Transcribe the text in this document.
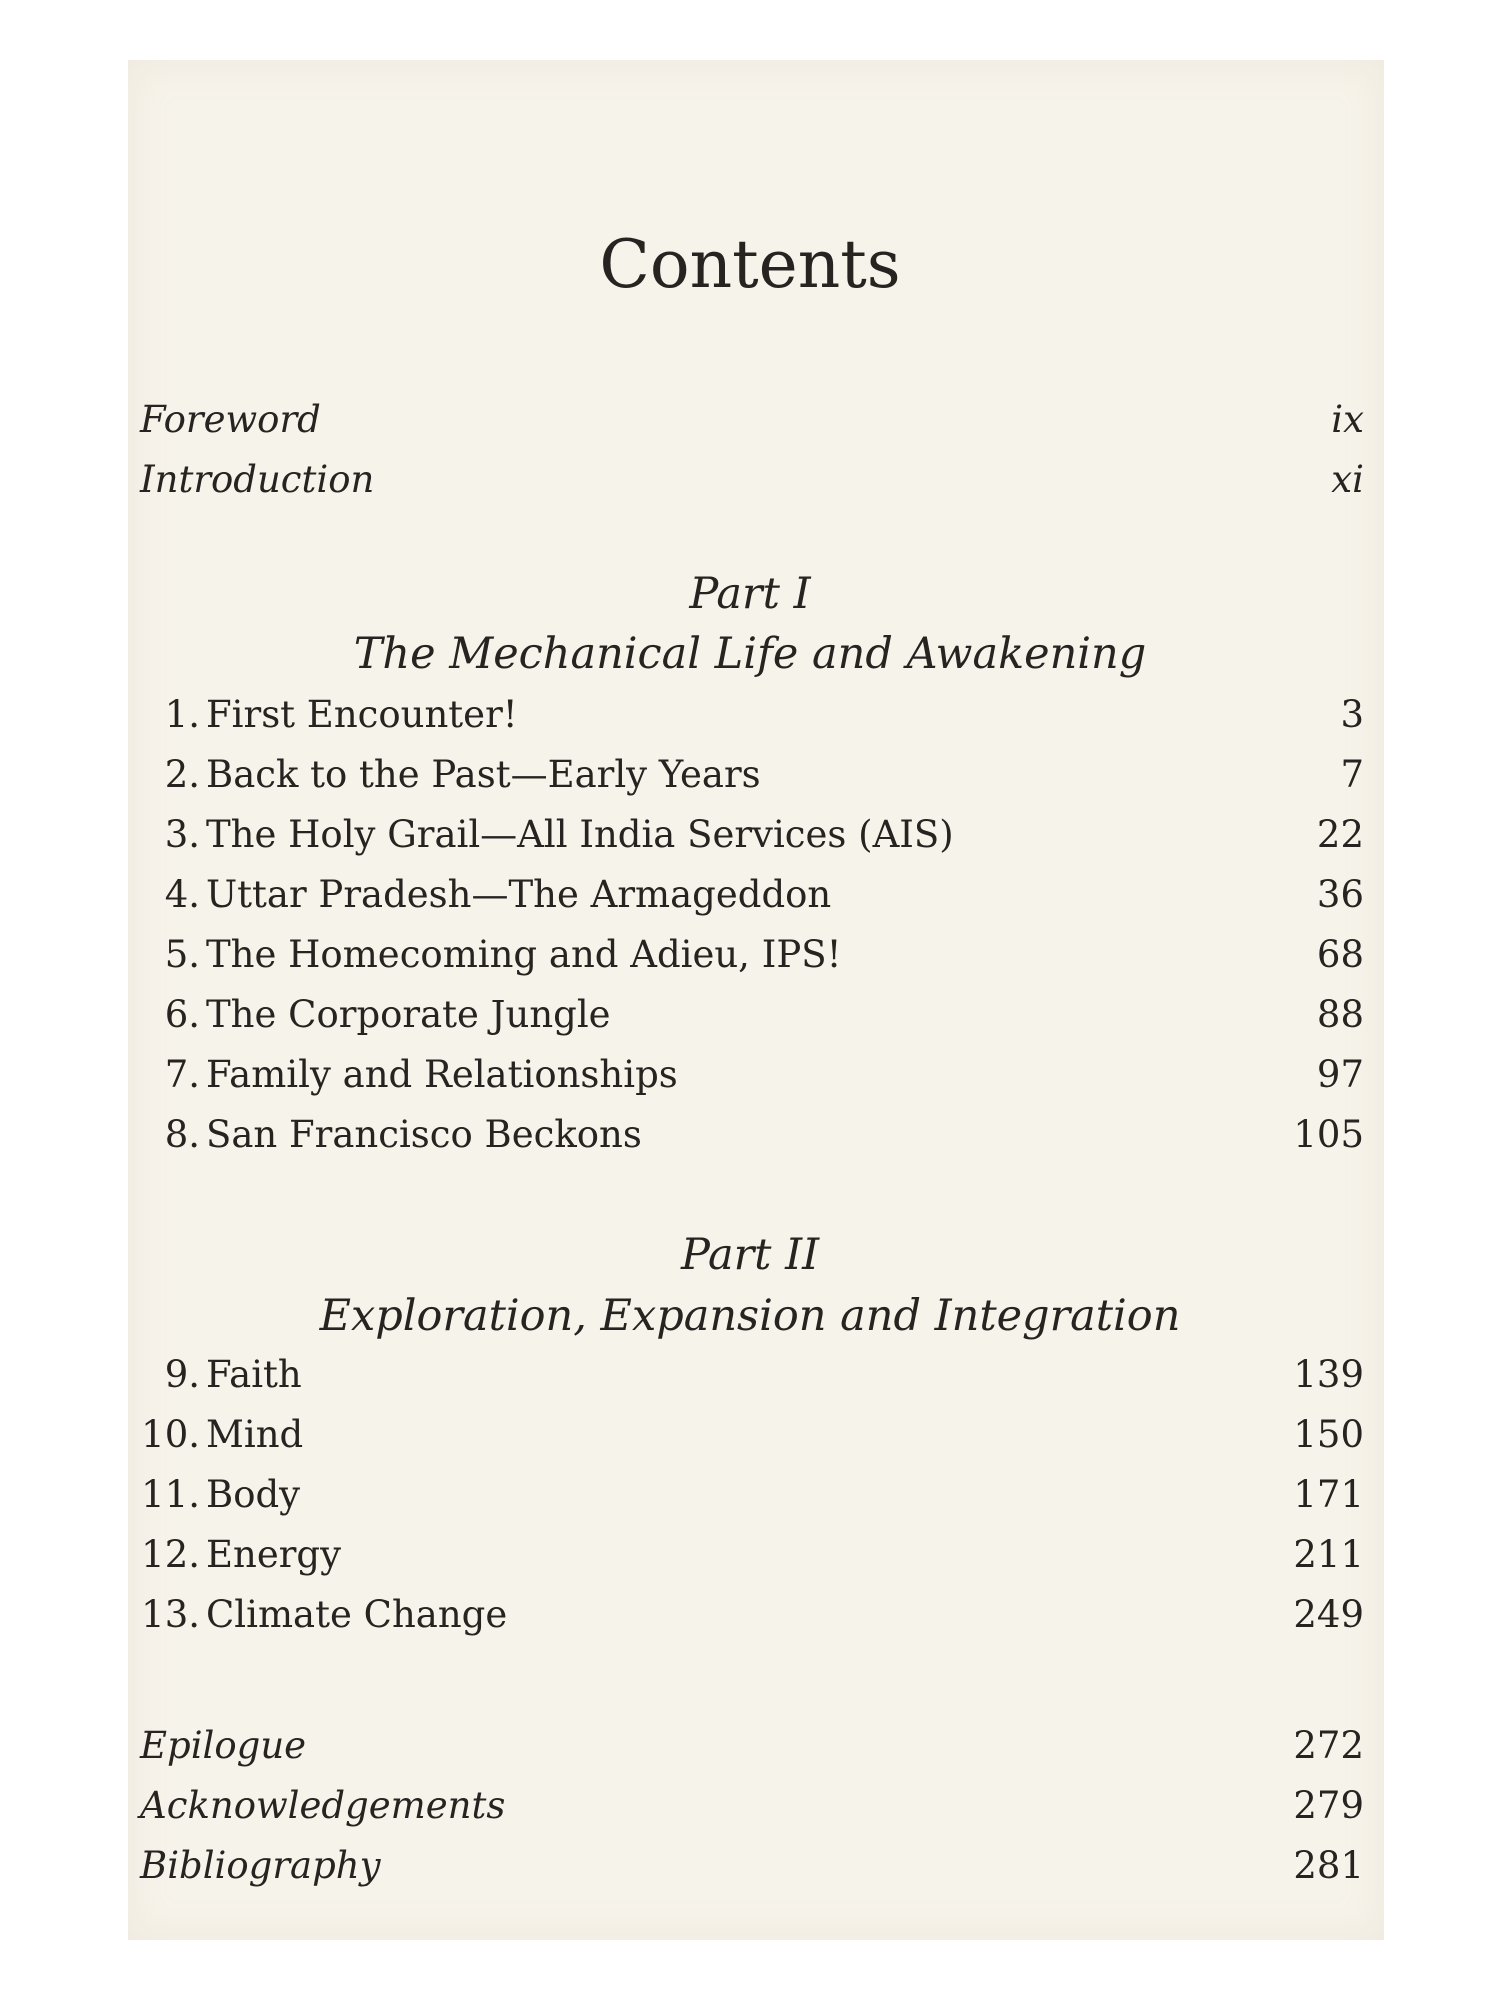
Contents
Foreword	ix
Introduction	xi
Part I
The Mechanical Life and Awakening
1. First Encounter!	3
2. Back to the Past—Early Years	7
3. The Holy Grail—All India Services (AIS)	22
4. Uttar Pradesh—The Armageddon	36
5. The Homecoming and Adieu, IPS!	68
6. The Corporate Jungle	88
7. Family and Relationships	97
8. San Francisco Beckons	105
Part II
Exploration, Expansion and Integration
9. Faith	139
10. Mind	150
11. Body	171
12. Energy	211
13. Climate Change	249
Epilogue	272
Acknowledgements	279
Bibliography	281
